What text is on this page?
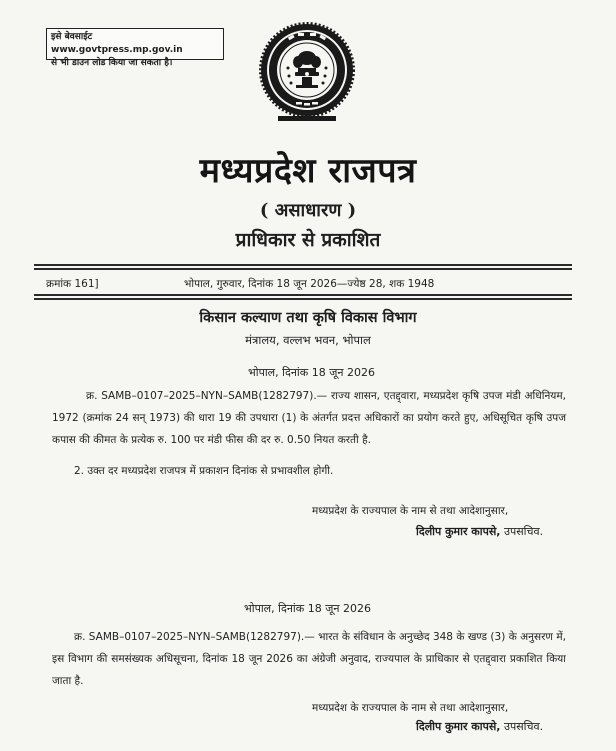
इसे बेवसाईट www.govtpress.mp.gov.in
से भी डाउन लोड किया जा सकता है।
मध्यप्रदेश राजपत्र
( असाधारण )
प्राधिकार से प्रकाशित
क्रमांक 161]	भोपाल, गुरुवार, दिनांक 18 जून 2026—ज्येष्ठ 28, शक 1948
किसान कल्याण तथा कृषि विकास विभाग
मंत्रालय, वल्लभ भवन, भोपाल
भोपाल, दिनांक 18 जून 2026
क्र. SAMB–0107–2025–NYN–SAMB(1282797).— राज्य शासन, एतद्द्वारा, मध्यप्रदेश कृषि उपज मंडी अधिनियम, 1972 (क्रमांक 24 सन् 1973) की धारा 19 की उपधारा (1) के अंतर्गत प्रदत्त अधिकारों का प्रयोग करते हुए, अधिसूचित कृषि उपज कपास की कीमत के प्रत्येक रु. 100 पर मंडी फीस की दर रु. 0.50 नियत करती है.
2. उक्त दर मध्यप्रदेश राजपत्र में प्रकाशन दिनांक से प्रभावशील होगी.
मध्यप्रदेश के राज्यपाल के नाम से तथा आदेशानुसार,
दिलीप कुमार कापसे, उपसचिव.
भोपाल, दिनांक 18 जून 2026
क्र. SAMB–0107–2025–NYN–SAMB(1282797).— भारत के संविधान के अनुच्छेद 348 के खण्ड (3) के अनुसरण में, इस विभाग की समसंख्यक अधिसूचना, दिनांक 18 जून 2026 का अंग्रेजी अनुवाद, राज्यपाल के प्राधिकार से एतद्द्वारा प्रकाशित किया जाता है.
मध्यप्रदेश के राज्यपाल के नाम से तथा आदेशानुसार,
दिलीप कुमार कापसे, उपसचिव.
